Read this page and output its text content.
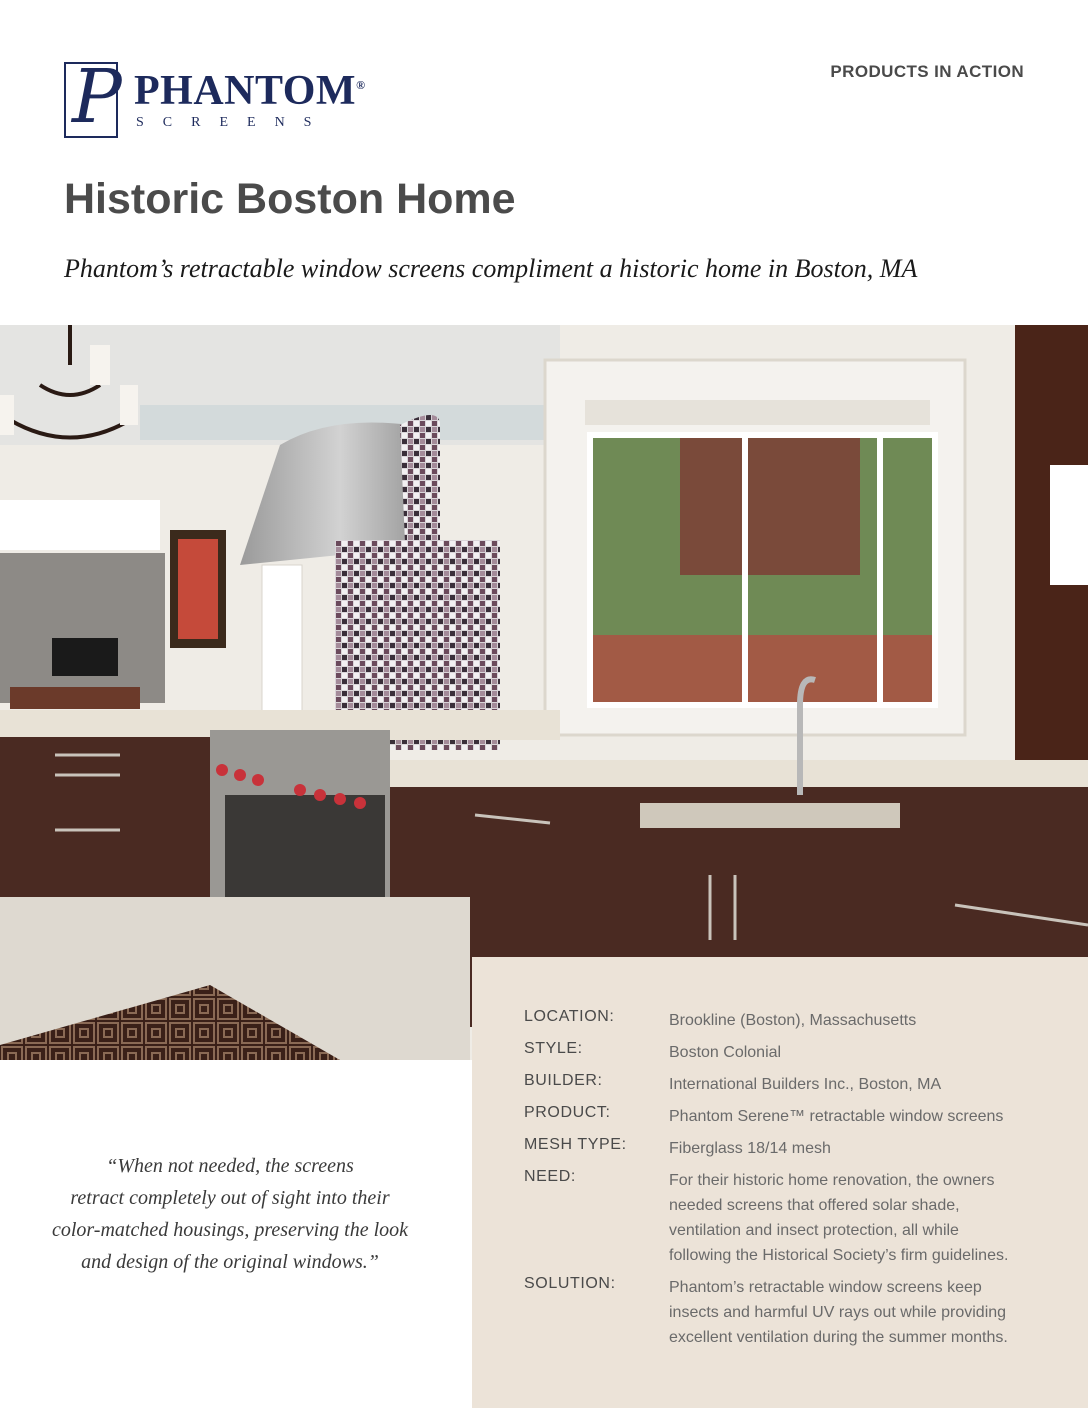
P PHANTOM®
SCREENS
PRODUCTS IN ACTION
Historic Boston Home

Phantom’s retractable window screens compliment a historic home in Boston, MA

“When not needed, the screens
retract completely out of sight into their
color-matched housings, preserving the look
and design of the original windows.”
LOCATION:	Brookline (Boston), Massachusetts
STYLE:	Boston Colonial
BUILDER:	International Builders Inc., Boston, MA
PRODUCT:	Phantom Serene™ retractable window screens
MESH TYPE:	Fiberglass 18/14 mesh
NEED:	For their historic home renovation, the owners
needed screens that offered solar shade,
ventilation and insect protection, all while
following the Historical Society’s firm guidelines.
SOLUTION:	Phantom’s retractable window screens keep
insects and harmful UV rays out while providing
excellent ventilation during the summer months.
